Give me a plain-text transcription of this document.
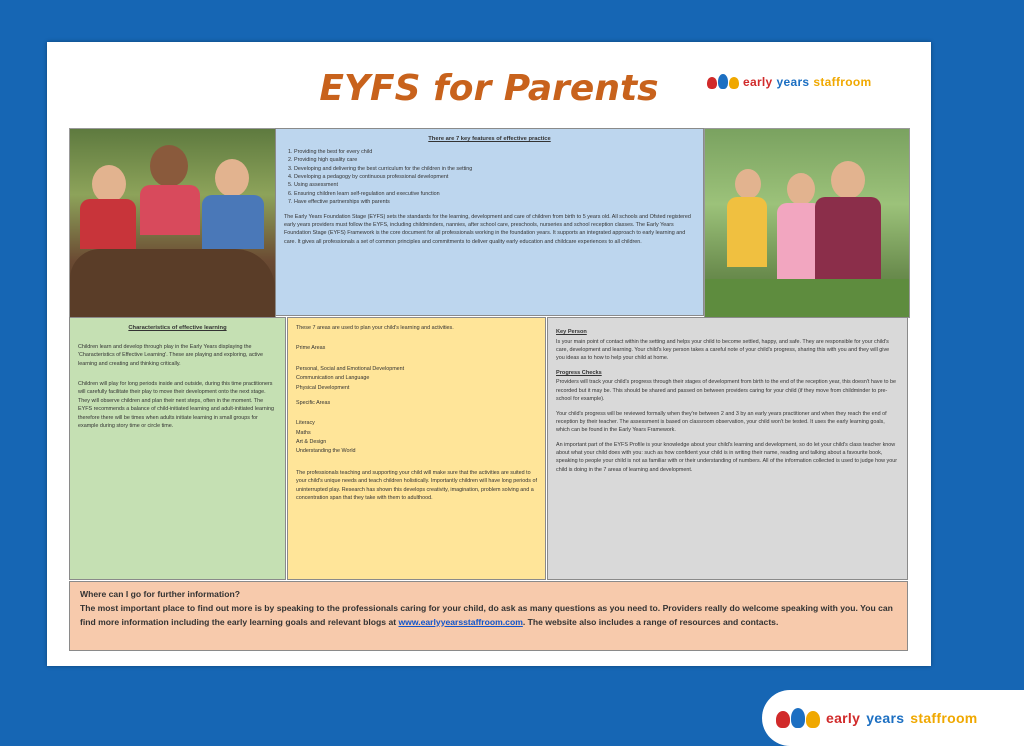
EYFS for Parents	early years staffroom
There are 7 key features of effective practice
1. Providing the best for every child
2. Providing high quality care
3. Developing and delivering the best curriculum for the children in the setting
4. Developing a pedagogy by continuous professional development
5. Using assessment
6. Ensuring children learn self-regulation and executive function
7. Have effective partnerships with parents

The Early Years Foundation Stage (EYFS) sets the standards for the learning, development and care of children from birth to 5 years old. All schools and Ofsted registered early years providers must follow the EYFS, including childminders, nannies, after school care, preschools, nurseries and school reception classes. The Early Years Foundation Stage (EYFS) Framework is the core document for all professionals working in the foundation years. It supports an integrated approach to early learning and care. It gives all professionals a set of common principles and commitments to deliver quality early education and childcare experiences to all children.

Characteristics of effective learning

Children learn and develop through play in the Early Years displaying the 'Characteristics of Effective Learning'. These are playing and exploring, active learning and creating and thinking critically.

Children will play for long periods inside and outside, during this time practitioners will carefully facilitate their play to move their development onto the next stage. They will observe children and plan their next steps, often in the moment. The EYFS recommends a balance of child-initiated learning and adult-initiated learning therefore there will be times when adults initiate learning in small groups for example during story time or circle time.

These 7 areas are used to plan your child's learning and activities.

Prime Areas

Personal, Social and Emotional Development

Communication and Language

Physical Development

Specific Areas

Literacy

Maths

Art & Design

Understanding the World

The professionals teaching and supporting your child will make sure that the activities are suited to your child's unique needs and teach children holistically. Importantly children will have long periods of uninterrupted play. Research has shown this develops creativity, imagination, problem solving and a concentration span that they take with them to adulthood.

Key Person

Is your main point of contact within the setting and helps your child to become settled, happy, and safe. They are responsible for your child's care, development and learning. Your child's key person takes a careful note of your child's progress, sharing this with you and they will give you ideas as to how to help your child at home.

Progress Checks

Providers will track your child's progress through their stages of development from birth to the end of the reception year, this doesn't have to be recorded but it may be. This should be shared and passed on between providers caring for your child (if they move from childminder to pre-school for example).

Your child's progress will be reviewed formally when they're between 2 and 3 by an early years practitioner and when they reach the end of reception by their teacher. The assessment is based on classroom observation, your child won't be tested. It uses the early learning goals, which can be found in the Early Years Framework.

An important part of the EYFS Profile is your knowledge about your child's learning and development, so do let your child's class teacher know about what your child does with you: such as how confident your child is in writing their name, reading and talking about a favourite book, speaking to people your child is not as familiar with or their understanding of numbers. All of the information collected is used to judge how your child is doing in the 7 areas of learning and development.

Where can I go for further information?
The most important place to find out more is by speaking to the professionals caring for your child, do ask as many questions as you need to. Providers really do welcome speaking with you. You can find more information including the early learning goals and relevant blogs at www.earlyyearsstaffroom.com. The website also includes a range of resources and contacts.
early years staffroom
